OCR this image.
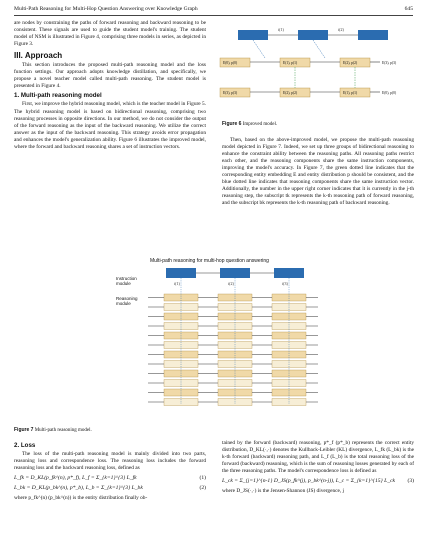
Multi-Path Reasoning for Multi-Hop Question Answering over Knowledge Graph	645

are nodes by constraining the paths of forward reasoning and backward reasoning to be consistent. These signals are used to guide the student model's training. The student model of NSM is illustrated in Figure 4, comprising three models in series, as depicted in Figure 3.

III. Approach

This section introduces the proposed multi-path reasoning model and the loss function settings. Our approach adopts knowledge distillation, and specifically, we propose a novel teacher model called multi-path reasoning. The student model is presented in Figure 4.

1. Multi-path reasoning model

First, we improve the hybrid reasoning model, which is the teacher model in Figure 5. The hybrid reasoning model is based on bidirectional reasoning, comprising two reasoning processes in opposite directions. In our method, we do not consider the output of the forward reasoning as the input of the backward reasoning. We utilize the correct answer as the input of the backward reasoning. This strategy avoids error propagation and enhances the model's generalization ability. Figure 6 illustrates the improved model, where the forward and backward reasoning shares a set of instruction vectors.

i(1)	i(2)
E(0), p(0)	E(1), p(1)	E(2), p(2)	E(3), p(3)
E(3), p(3)	E(2), p(2)	E(1), p(1)	E(0), p(0)
Figure 6 Improved model.

Then, based on the above-improved model, we propose the multi-path reasoning model depicted in Figure 7. Indeed, we set up three groups of bidirectional reasoning to enhance the constraint ability between the reasoning paths. All reasoning paths restrict each other, and the reasoning components share the same instruction components, improving the model's accuracy. In Figure 7, the green dotted line indicates that the corresponding entity embedding E and entity distribution p should be consistent, and the blue dotted line indicates that reasoning components share the same instruction vector. Additionally, the number in the upper right corner indicates that it is currently in the j-th reasoning step, the subscript tk represents the k-th reasoning path of forward reasoning, and the subscript bk represents the k-th reasoning path of backward reasoning.

Multi-path reasoning for multi-hop question answering
Instruction module
Reasoning module
i(1)	i(2)	i(3)
Figure 7 Multi-path reasoning model.
2. Loss

The loss of the multi-path reasoning model is mainly divided into two parts, reasoning loss and correspondence loss. The reasoning loss includes the forward reasoning loss and the backward reasoning loss, defined as

L_fk = D_KL(p_fk^(n), p*_f), L_f = Σ_{k=1}^{3} L_fk	(1)
L_bk = D_KL(p_bk^(n), p*_b), L_b = Σ_{k=1}^{3} L_bk	(2)

where p_fk^(n) (p_bk^(n)) is the entity distribution finally ob-

tained by the forward (backward) reasoning, p*_f (p*_b) represents the correct entity distribution, D_KL(·,·) denotes the Kullback-Leibler (KL) divergence, L_fk (L_bk) is the k-th forward (backward) reasoning path, and L_f (L_b) is the total reasoning loss of the forward (backward) reasoning, which is the sum of reasoning losses generated by each of the three reasoning paths. The model's correspondence loss is defined as

L_ck = Σ_{j=1}^{n-1} D_JS(p_fk^(j), p_bk^(n-j)), L_c = Σ_{k=1}^{15} L_ck (3)

where D_JS(·,·) is the Jensen-Shannon (JS) divergence, j
